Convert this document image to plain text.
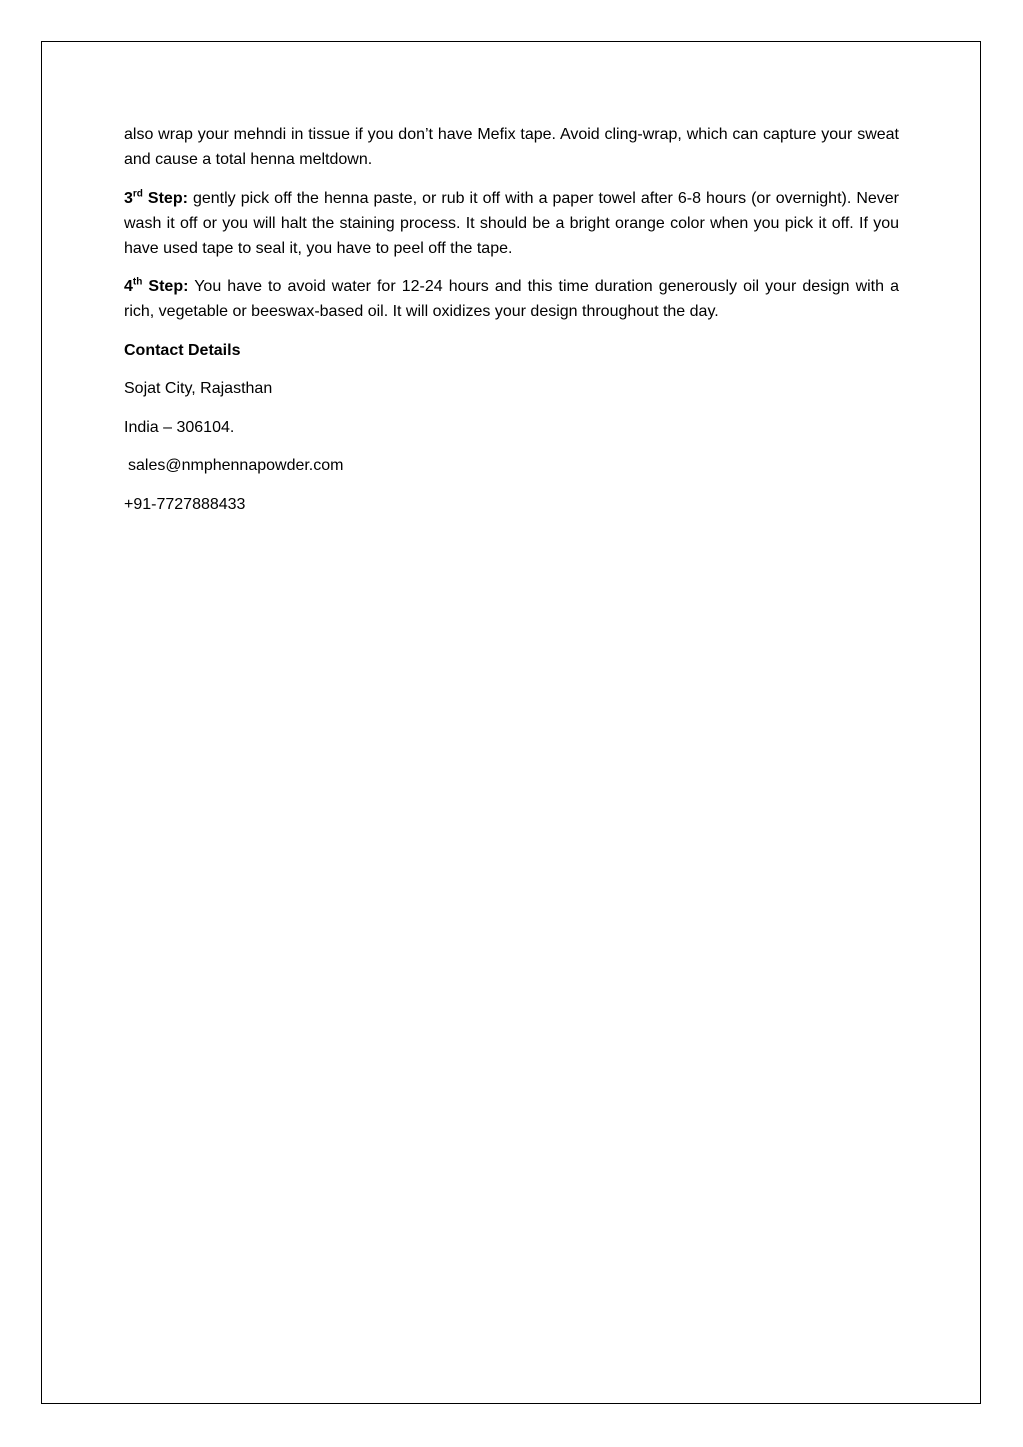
also wrap your mehndi in tissue if you don’t have Mefix tape. Avoid cling-wrap, which can capture your sweat and cause a total henna meltdown.

3rd Step: gently pick off the henna paste, or rub it off with a paper towel after 6-8 hours (or overnight). Never wash it off or you will halt the staining process. It should be a bright orange color when you pick it off. If you have used tape to seal it, you have to peel off the tape.

4th Step: You have to avoid water for 12-24 hours and this time duration generously oil your design with a rich, vegetable or beeswax-based oil. It will oxidizes your design throughout the day.

Contact Details

Sojat City, Rajasthan

India – 306104.

sales@nmphennapowder.com

+91-7727888433
